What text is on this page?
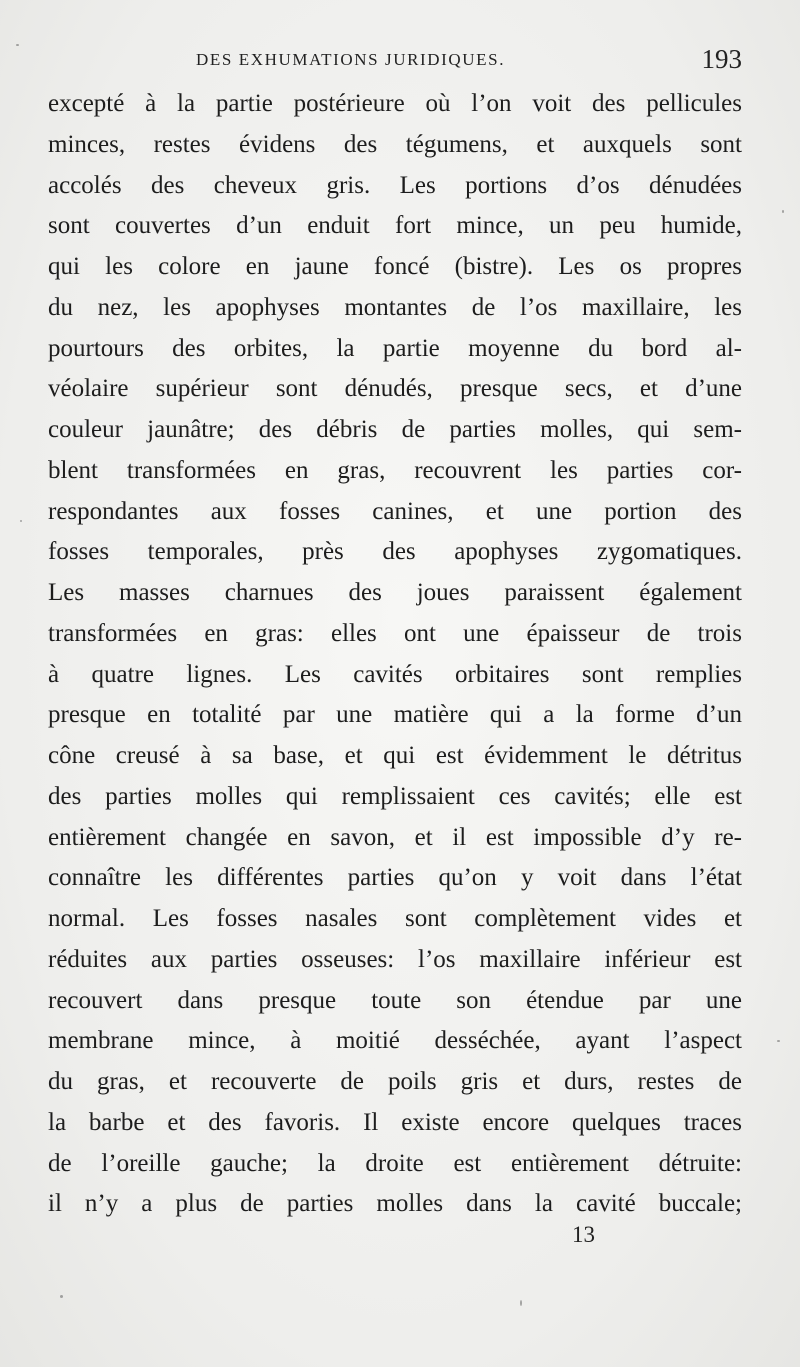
DES EXHUMATIONS JURIDIQUES.	193
excepté à la partie postérieure où l’on voit des pellicules
minces, restes évidens des tégumens, et auxquels sont
accolés des cheveux gris. Les portions d’os dénudées
sont couvertes d’un enduit fort mince, un peu humide,
qui les colore en jaune foncé (bistre). Les os propres
du nez, les apophyses montantes de l’os maxillaire, les
pourtours des orbites, la partie moyenne du bord al-
véolaire supérieur sont dénudés, presque secs, et d’une
couleur jaunâtre; des débris de parties molles, qui sem-
blent transformées en gras, recouvrent les parties cor-
respondantes aux fosses canines, et une portion des
fosses temporales, près des apophyses zygomatiques.
Les masses charnues des joues paraissent également
transformées en gras: elles ont une épaisseur de trois
à quatre lignes. Les cavités orbitaires sont remplies
presque en totalité par une matière qui a la forme d’un
cône creusé à sa base, et qui est évidemment le détritus
des parties molles qui remplissaient ces cavités; elle est
entièrement changée en savon, et il est impossible d’y re-
connaître les différentes parties qu’on y voit dans l’état
normal. Les fosses nasales sont complètement vides et
réduites aux parties osseuses: l’os maxillaire inférieur est
recouvert dans presque toute son étendue par une
membrane mince, à moitié desséchée, ayant l’aspect
du gras, et recouverte de poils gris et durs, restes de
la barbe et des favoris. Il existe encore quelques traces
de l’oreille gauche; la droite est entièrement détruite:
il n’y a plus de parties molles dans la cavité buccale;
13
